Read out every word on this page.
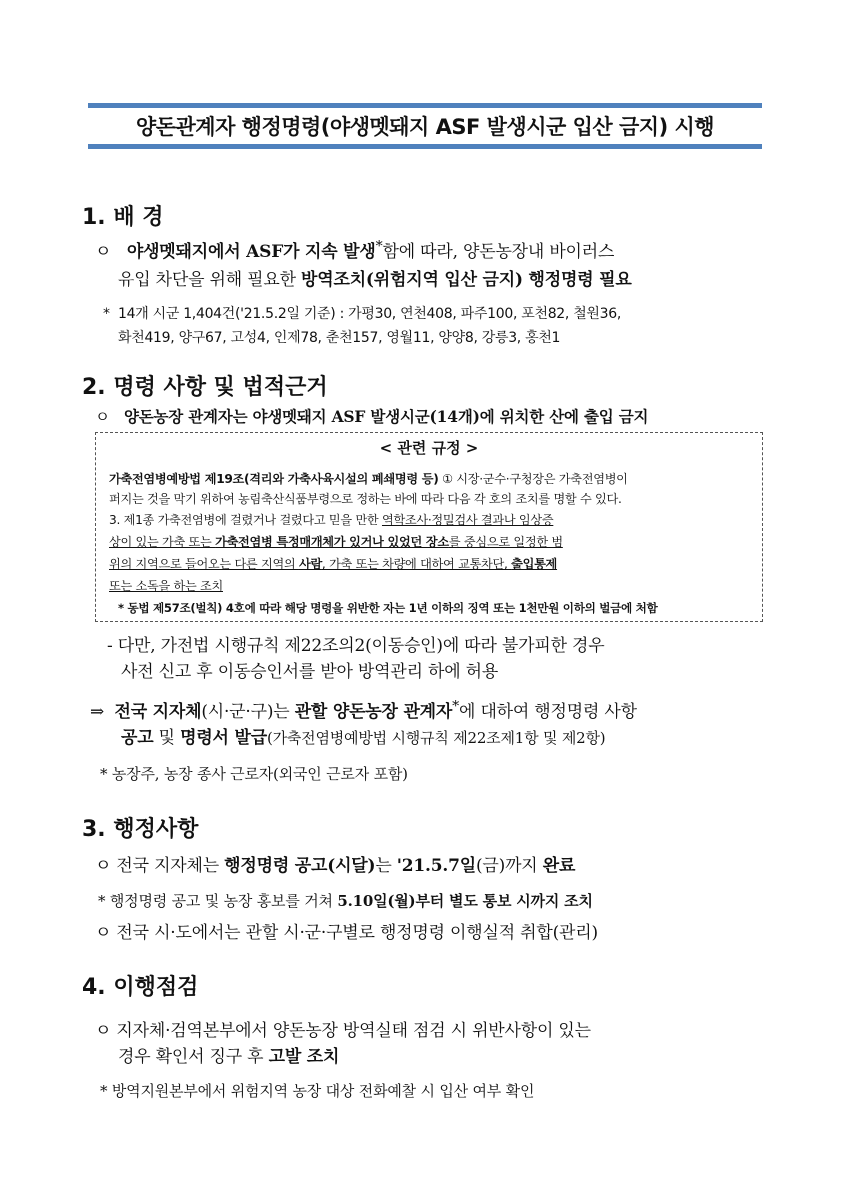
양돈관계자 행정명령(야생멧돼지 ASF 발생시군 입산 금지) 시행
1. 배 경
ㅇ 야생멧돼지에서 ASF가 지속 발생*함에 따라, 양돈농장내 바이러스
유입 차단을 위해 필요한 방역조치(위험지역 입산 금지) 행정명령 필요
* 14개 시군 1,404건('21.5.2일 기준) : 가평30, 연천408, 파주100, 포천82, 철원36,
화천419, 양구67, 고성4, 인제78, 춘천157, 영월11, 양양8, 강릉3, 홍천1
2. 명령 사항 및 법적근거
ㅇ 양돈농장 관계자는 야생멧돼지 ASF 발생시군(14개)에 위치한 산에 출입 금지
< 관련 규정 >
가축전염병예방법 제19조(격리와 가축사육시설의 폐쇄명령 등) ① 시장·군수·구청장은 가축전염병이
퍼지는 것을 막기 위하여 농림축산식품부령으로 정하는 바에 따라 다음 각 호의 조치를 명할 수 있다.
3. 제1종 가축전염병에 걸렸거나 걸렸다고 믿을 만한 역학조사·정밀검사 결과나 임상증
상이 있는 가축 또는 가축전염병 특정매개체가 있거나 있었던 장소를 중심으로 일정한 범
위의 지역으로 들어오는 다른 지역의 사람, 가축 또는 차량에 대하여 교통차단, 출입통제
또는 소독을 하는 조치
* 동법 제57조(벌칙) 4호에 따라 해당 명령을 위반한 자는 1년 이하의 징역 또는 1천만원 이하의 벌금에 처함
- 다만, 가전법 시행규칙 제22조의2(이동승인)에 따라 불가피한 경우
사전 신고 후 이동승인서를 받아 방역관리 하에 허용
⇒ 전국 지자체(시·군·구)는 관할 양돈농장 관계자*에 대하여 행정명령 사항
공고 및 명령서 발급(가축전염병예방법 시행규칙 제22조제1항 및 제2항)
* 농장주, 농장 종사 근로자(외국인 근로자 포함)
3. 행정사항
ㅇ 전국 지자체는 행정명령 공고(시달)는 '21.5.7일(금)까지 완료
* 행정명령 공고 및 농장 홍보를 거쳐 5.10일(월)부터 별도 통보 시까지 조치
ㅇ 전국 시·도에서는 관할 시·군·구별로 행정명령 이행실적 취합(관리)
4. 이행점검
ㅇ 지자체·검역본부에서 양돈농장 방역실태 점검 시 위반사항이 있는
경우 확인서 징구 후 고발 조치
* 방역지원본부에서 위험지역 농장 대상 전화예찰 시 입산 여부 확인
